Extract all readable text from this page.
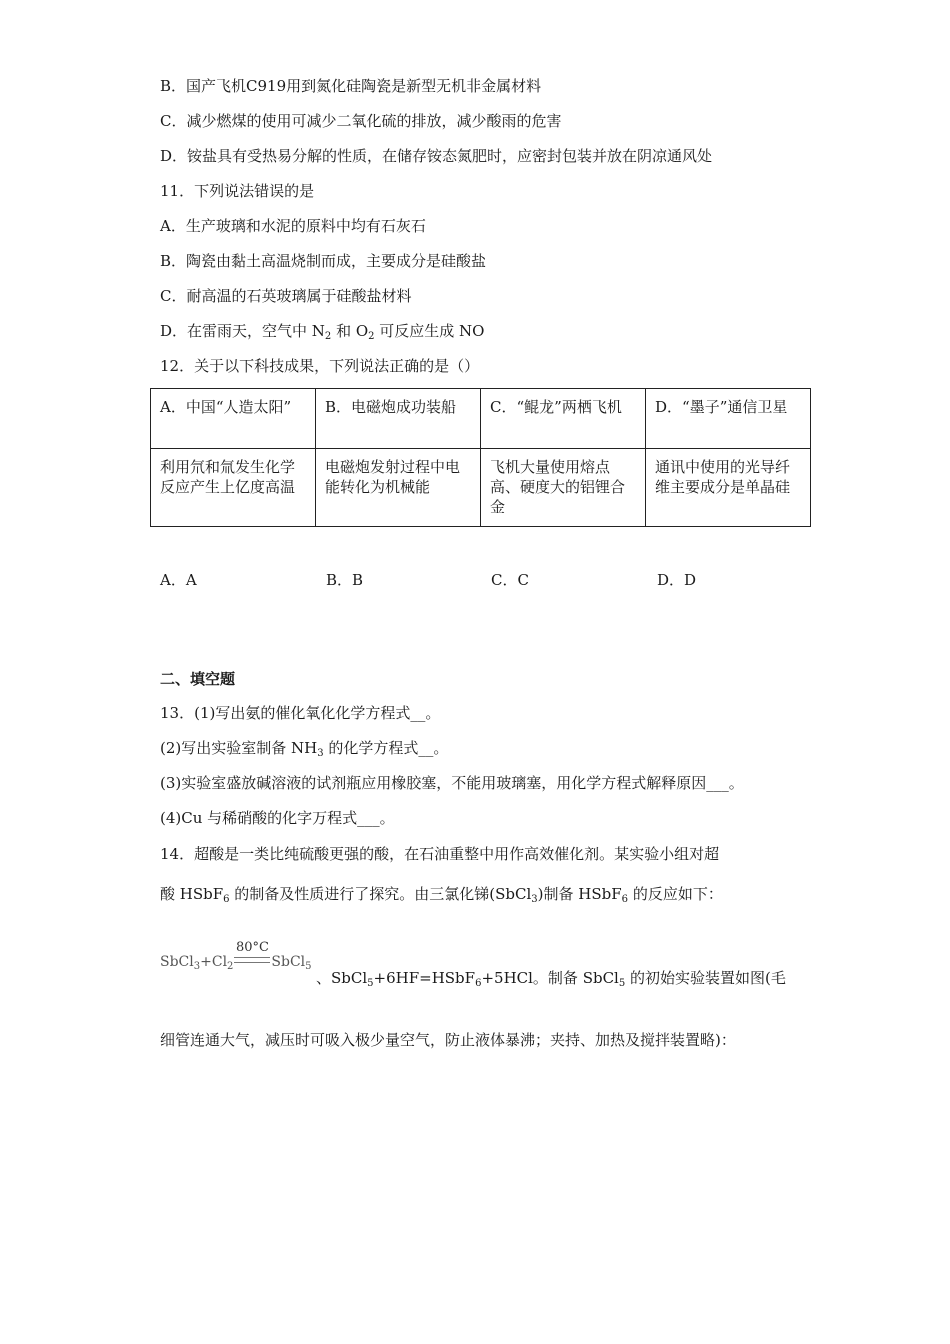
B．国产飞机C919用到氮化硅陶瓷是新型无机非金属材料
C．减少燃煤的使用可减少二氧化硫的排放，减少酸雨的危害
D．铵盐具有受热易分解的性质，在储存铵态氮肥时，应密封包装并放在阴凉通风处
11．下列说法错误的是
A．生产玻璃和水泥的原料中均有石灰石
B．陶瓷由黏土高温烧制而成，主要成分是硅酸盐
C．耐高温的石英玻璃属于硅酸盐材料
D．在雷雨天，空气中 $N_2$ 和 $O_2$ 可反应生成 NO
12．关于以下科技成果，下列说法正确的是（）
A．中国“人造太阳”	B．电磁炮成功装船	C．“鲲龙”两栖飞机	D．“墨子”通信卫星
利用氘和氚发生化学反应产生上亿度高温	电磁炮发射过程中电能转化为机械能	飞机大量使用熔点高、硬度大的铝锂合金	通讯中使用的光导纤维主要成分是单晶硅
A．A	B．B	C．C	D．D
二、填空题
13．(1)写出氨的催化氧化化学方程式__。
(2)写出实验室制备 $NH_3$ 的化学方程式__。
(3)实验室盛放碱溶液的试剂瓶应用橡胶塞，不能用玻璃塞，用化学方程式解释原因___。
(4)Cu 与稀硝酸的化字万程式___。
14．超酸是一类比纯硫酸更强的酸，在石油重整中用作高效催化剂。某实验小组对超
酸 HSbF$_6$ 的制备及性质进行了探究。由三氯化锑(SbCl$_3$)制备 HSbF$_6$ 的反应如下：
80°C
$SbCl_3+Cl_2$	SbCl$_5$
、SbCl$_5$+6HF=HSbF$_6$+5HCl。制备 SbCl$_5$ 的初始实验装置如图(毛
细管连通大气，减压时可吸入极少量空气，防止液体暴沸；夹持、加热及搅拌装置略)：
